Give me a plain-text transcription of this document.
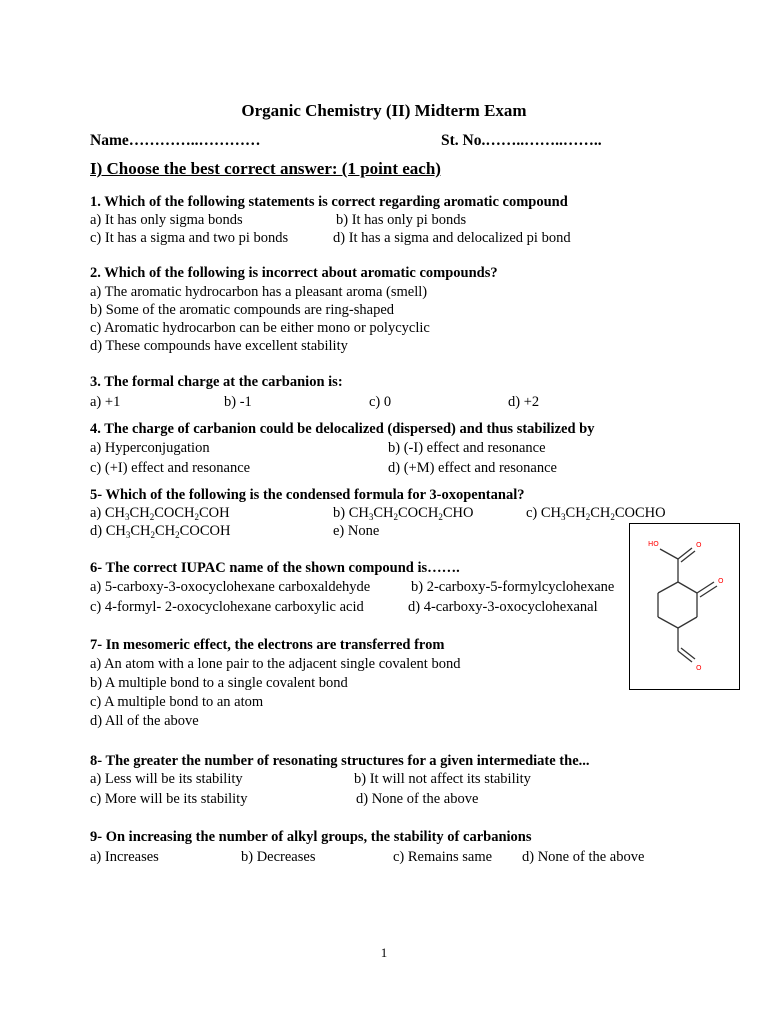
Organic Chemistry (II) Midterm Exam
Name…………..…………	St. No.……..……..……..
I) Choose the best correct answer: (1 point each)
1. Which of the following statements is correct regarding aromatic compound
a) It has only sigma bonds	b) It has only pi bonds
c) It has a sigma and two pi bonds	d) It has a sigma and delocalized pi bond
2. Which of the following is incorrect about aromatic compounds?
a) The aromatic hydrocarbon has a pleasant aroma (smell)
b) Some of the aromatic compounds are ring-shaped
c) Aromatic hydrocarbon can be either mono or polycyclic
d) These compounds have excellent stability
3. The formal charge at the carbanion is:
a) +1	b) -1	c) 0	d) +2
4. The charge of carbanion could be delocalized (dispersed) and thus stabilized by
a) Hyperconjugation	b) (-I) effect and resonance
c) (+I) effect and resonance	d) (+M) effect and resonance
5- Which of the following is the condensed formula for 3-oxopentanal?
a) $CH_3CH_2COCH_2COH$	b) $CH_3CH_2COCH_2CHO$	c) $CH_3CH_2CH_2COCHO$
d) $CH_3CH_2CH_2COCOH$	e) None
6- The correct IUPAC name of the shown compound is…….
a) 5-carboxy-3-oxocyclohexane carboxaldehyde	b) 2-carboxy-5-formylcyclohexane
c) 4-formyl- 2-oxocyclohexane carboxylic acid	d) 4-carboxy-3-oxocyclohexanal
HO	O
O
O
7- In mesomeric effect, the electrons are transferred from
a) An atom with a lone pair to the adjacent single covalent bond
b) A multiple bond to a single covalent bond
c) A multiple bond to an atom
d) All of the above
8- The greater the number of resonating structures for a given intermediate the...
a) Less will be its stability	b) It will not affect its stability
c) More will be its stability	d) None of the above
9- On increasing the number of alkyl groups, the stability of carbanions
a) Increases	b) Decreases	c) Remains same d) None of the above
1
